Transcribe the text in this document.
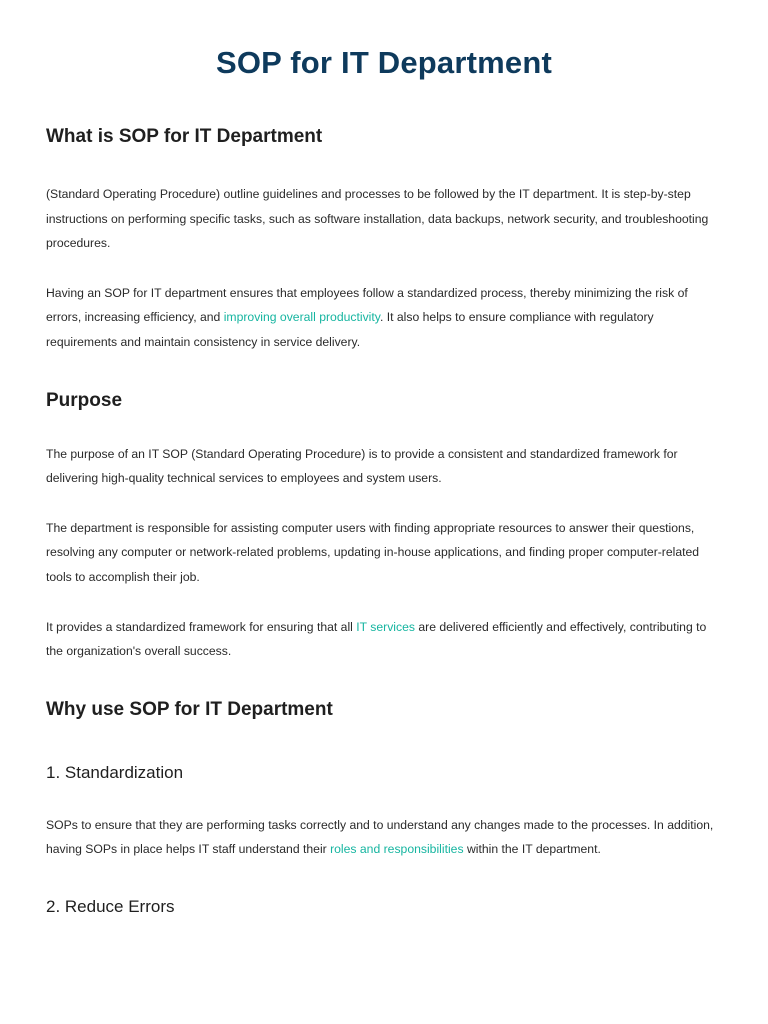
SOP for IT Department
What is SOP for IT Department

(Standard Operating Procedure) outline guidelines and processes to be followed by the IT department. It is step-by-step instructions on performing specific tasks, such as software installation, data backups, network security, and troubleshooting procedures.

Having an SOP for IT department ensures that employees follow a standardized process, thereby minimizing the risk of errors, increasing efficiency, and improving overall productivity. It also helps to ensure compliance with regulatory requirements and maintain consistency in service delivery.

Purpose

The purpose of an IT SOP (Standard Operating Procedure) is to provide a consistent and standardized framework for delivering high-quality technical services to employees and system users.

The department is responsible for assisting computer users with finding appropriate resources to answer their questions, resolving any computer or network-related problems, updating in-house applications, and finding proper computer-related tools to accomplish their job.

It provides a standardized framework for ensuring that all IT services are delivered efficiently and effectively, contributing to the organization's overall success.

Why use SOP for IT Department
1. Standardization

SOPs to ensure that they are performing tasks correctly and to understand any changes made to the processes. In addition, having SOPs in place helps IT staff understand their roles and responsibilities within the IT department.

2. Reduce Errors
